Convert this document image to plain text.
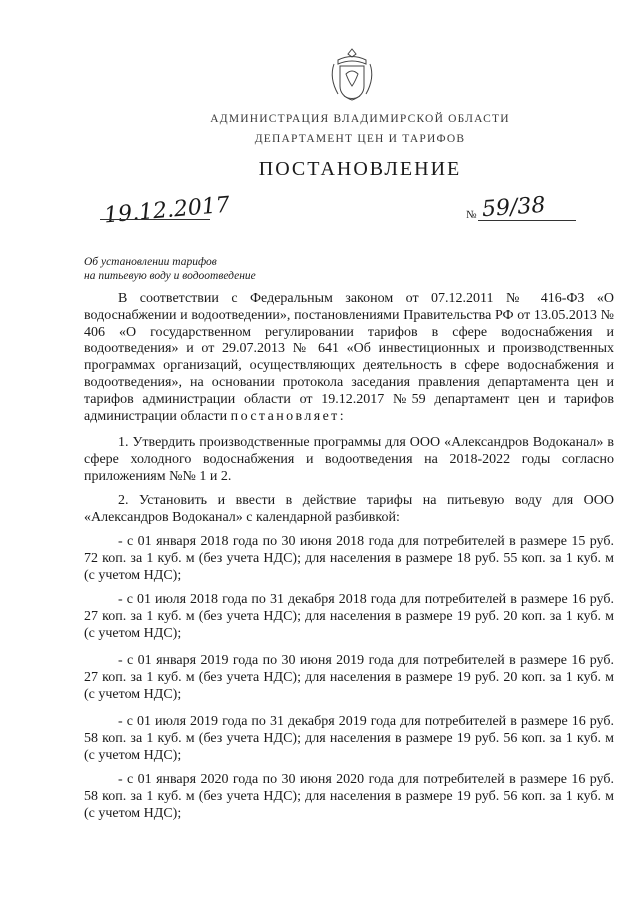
АДМИНИСТРАЦИЯ ВЛАДИМИРСКОЙ ОБЛАСТИ
ДЕПАРТАМЕНТ ЦЕН И ТАРИФОВ
ПОСТАНОВЛЕНИЕ
19.12.2017	№ 59/38
Об установлении тарифов
на питьевую воду и водоотведение
В соответствии с Федеральным законом от 07.12.2011 № 416-ФЗ «О водоснабжении и водоотведении», постановлениями Правительства РФ от 13.05.2013 № 406 «О государственном регулировании тарифов в сфере водоснабжения и водоотведения» и от 29.07.2013 № 641 «Об инвестиционных и производственных программах организаций, осуществляющих деятельность в сфере водоснабжения и водоотведения», на основании протокола заседания правления департамента цен и тарифов администрации области от 19.12.2017 №59 департамент цен и тарифов администрации области постановляет:
1. Утвердить производственные программы для ООО «Александров Водоканал» в сфере холодного водоснабжения и водоотведения на 2018-2022 годы согласно приложениям №№ 1 и 2.
2. Установить и ввести в действие тарифы на питьевую воду для ООО «Александров Водоканал» с календарной разбивкой:
- с 01 января 2018 года по 30 июня 2018 года для потребителей в размере 15 руб. 72 коп. за 1 куб. м (без учета НДС); для населения в размере 18 руб. 55 коп. за 1 куб. м (с учетом НДС);
- с 01 июля 2018 года по 31 декабря 2018 года для потребителей в размере 16 руб. 27 коп. за 1 куб. м (без учета НДС); для населения в размере 19 руб. 20 коп. за 1 куб. м (с учетом НДС);
- с 01 января 2019 года по 30 июня 2019 года для потребителей в размере 16 руб. 27 коп. за 1 куб. м (без учета НДС); для населения в размере 19 руб. 20 коп. за 1 куб. м (с учетом НДС);
- с 01 июля 2019 года по 31 декабря 2019 года для потребителей в размере 16 руб. 58 коп. за 1 куб. м (без учета НДС); для населения в размере 19 руб. 56 коп. за 1 куб. м (с учетом НДС);
- с 01 января 2020 года по 30 июня 2020 года для потребителей в размере 16 руб. 58 коп. за 1 куб. м (без учета НДС); для населения в размере 19 руб. 56 коп. за 1 куб. м (с учетом НДС);
